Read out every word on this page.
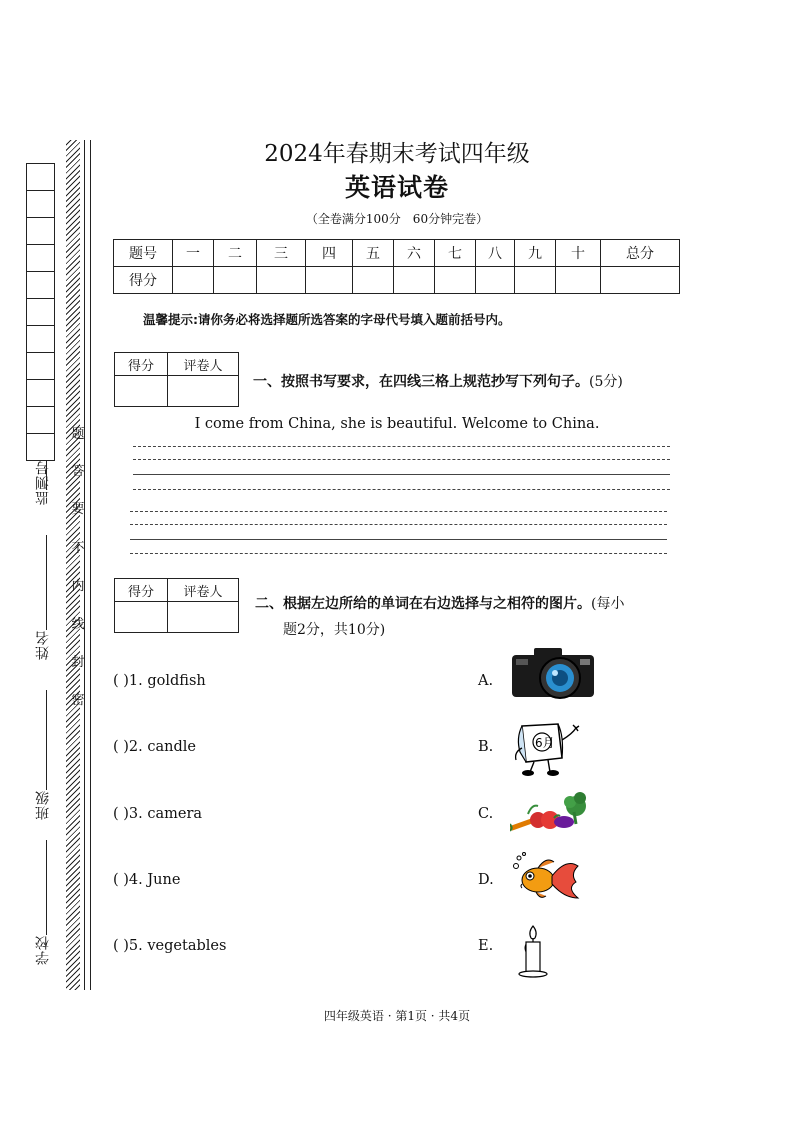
监测号
姓名
班级
学校
题
答
要
不
内
线
封
密
2024年春期末考试四年级
英语试卷
（全卷满分100分　60分钟完卷）
题号	一	二	三	四	五	六	七	八	九	十	总分
得分											
温馨提示:请你务必将选择题所选答案的字母代号填入题前括号内。
得分	评卷人

一、按照书写要求，在四线三格上规范抄写下列句子。(5分)
I come from China, she is beautiful. Welcome to China.
得分	评卷人

二、根据左边所给的单词在右边选择与之相符的图片。(每小
题2分，共10分)
( )1. goldfish
( )2. candle
( )3. camera
( )4. June
( )5. vegetables
A.
B.
C.
D.
E.
6月
四年级英语 · 第1页 · 共4页
